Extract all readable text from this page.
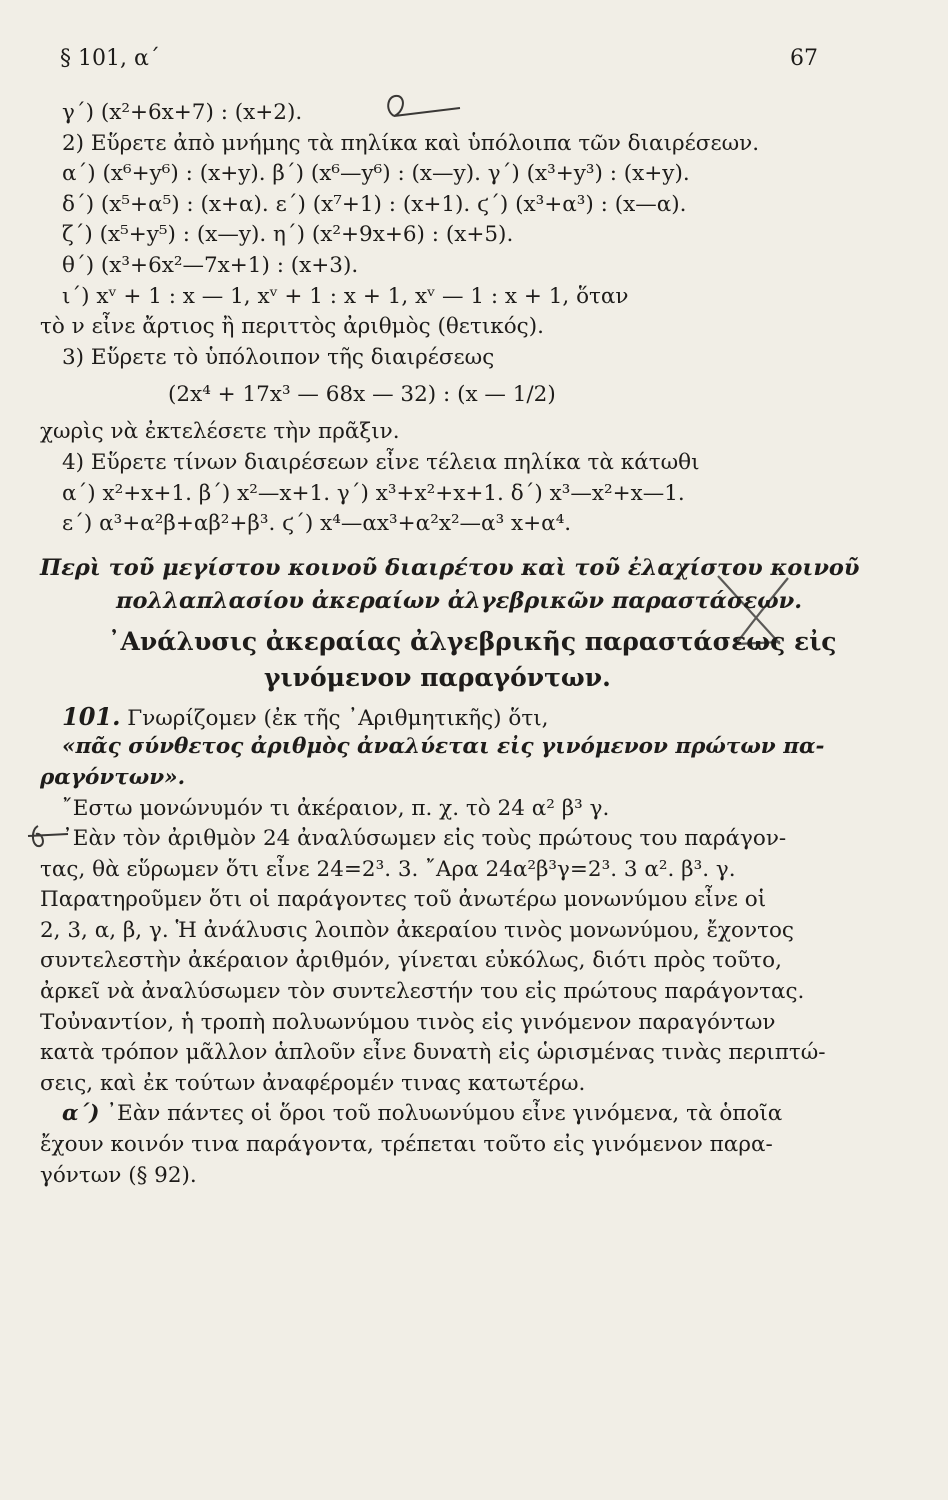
§ 101, α΄	67
γ΄) (x²+6x+7) : (x+2).
2) Εὕρετε ἀπὸ μνήμης τὰ πηλίκα καὶ ὑπόλοιπα τῶν διαιρέσεων.
α΄) (x⁶+y⁶) : (x+y). β΄) (x⁶—y⁶) : (x—y). γ΄) (x³+y³) : (x+y).
δ΄) (x⁵+α⁵) : (x+α). ε΄) (x⁷+1) : (x+1). ϛ΄) (x³+α³) : (x—α).
ζ΄) (x⁵+y⁵) : (x—y). η΄) (x²+9x+6) : (x+5).
θ΄) (x³+6x²—7x+1) : (x+3).
ι΄) xᵛ + 1 : x — 1, xᵛ + 1 : x + 1, xᵛ — 1 : x + 1, ὅταν
τὸ ν εἶνε ἄρτιος ἢ περιττὸς ἀριθμὸς (θετικός).
3) Εὕρετε τὸ ὑπόλοιπον τῆς διαιρέσεως
(2x⁴ + 17x³ — 68x — 32) : (x — 1/2)
χωρὶς νὰ ἐκτελέσετε τὴν πρᾶξιν.
4) Εὕρετε τίνων διαιρέσεων εἶνε τέλεια πηλίκα τὰ κάτωθι
α΄) x²+x+1. β΄) x²—x+1. γ΄) x³+x²+x+1. δ΄) x³—x²+x—1.
ε΄) α³+α²β+αβ²+β³. ϛ΄) x⁴—αx³+α²x²—α³ x+α⁴.
Περὶ τοῦ μεγίστου κοινοῦ διαιρέτου καὶ τοῦ ἐλαχίστου κοινοῦ
πολλαπλασίου ἀκεραίων ἀλγεβρικῶν παραστάσεων.
᾿Ανάλυσις ἀκεραίας ἀλγεβρικῆς παραστάσεως εἰς
γινόμενον παραγόντων.
101. Γνωρίζομεν (ἐκ τῆς ᾿Αριθμητικῆς) ὅτι,
«πᾶς σύνθετος ἀριθμὸς ἀναλύεται εἰς γινόμενον πρώτων πα-
ραγόντων».
῎Εστω μονώνυμόν τι ἀκέραιον, π. χ. τὸ 24 α² β³ γ.
᾿Εὰν τὸν ἀριθμὸν 24 ἀναλύσωμεν εἰς τοὺς πρώτους του παράγον-
τας, θὰ εὕρωμεν ὅτι εἶνε 24=2³. 3. ῎Αρα 24α²β³γ=2³. 3 α². β³. γ.
Παρατηροῦμεν ὅτι οἱ παράγοντες τοῦ ἀνωτέρω μονωνύμου εἶνε οἱ
2, 3, α, β, γ. Ἡ ἀνάλυσις λοιπὸν ἀκεραίου τινὸς μονωνύμου, ἔχοντος
συντελεστὴν ἀκέραιον ἀριθμόν, γίνεται εὐκόλως, διότι πρὸς τοῦτο,
ἀρκεῖ νὰ ἀναλύσωμεν τὸν συντελεστήν του εἰς πρώτους παράγοντας.
Τοὐναντίον, ἡ τροπὴ πολυωνύμου τινὸς εἰς γινόμενον παραγόντων
κατὰ τρόπον μᾶλλον ἁπλοῦν εἶνε δυνατὴ εἰς ὡρισμένας τινὰς περιπτώ-
σεις, καὶ ἐκ τούτων ἀναφέρομέν τινας κατωτέρω.
α΄) ᾿Εὰν πάντες οἱ ὅροι τοῦ πολυωνύμου εἶνε γινόμενα, τὰ ὁποῖα
ἔχουν κοινόν τινα παράγοντα, τρέπεται τοῦτο εἰς γινόμενον παρα-
γόντων (§ 92).
